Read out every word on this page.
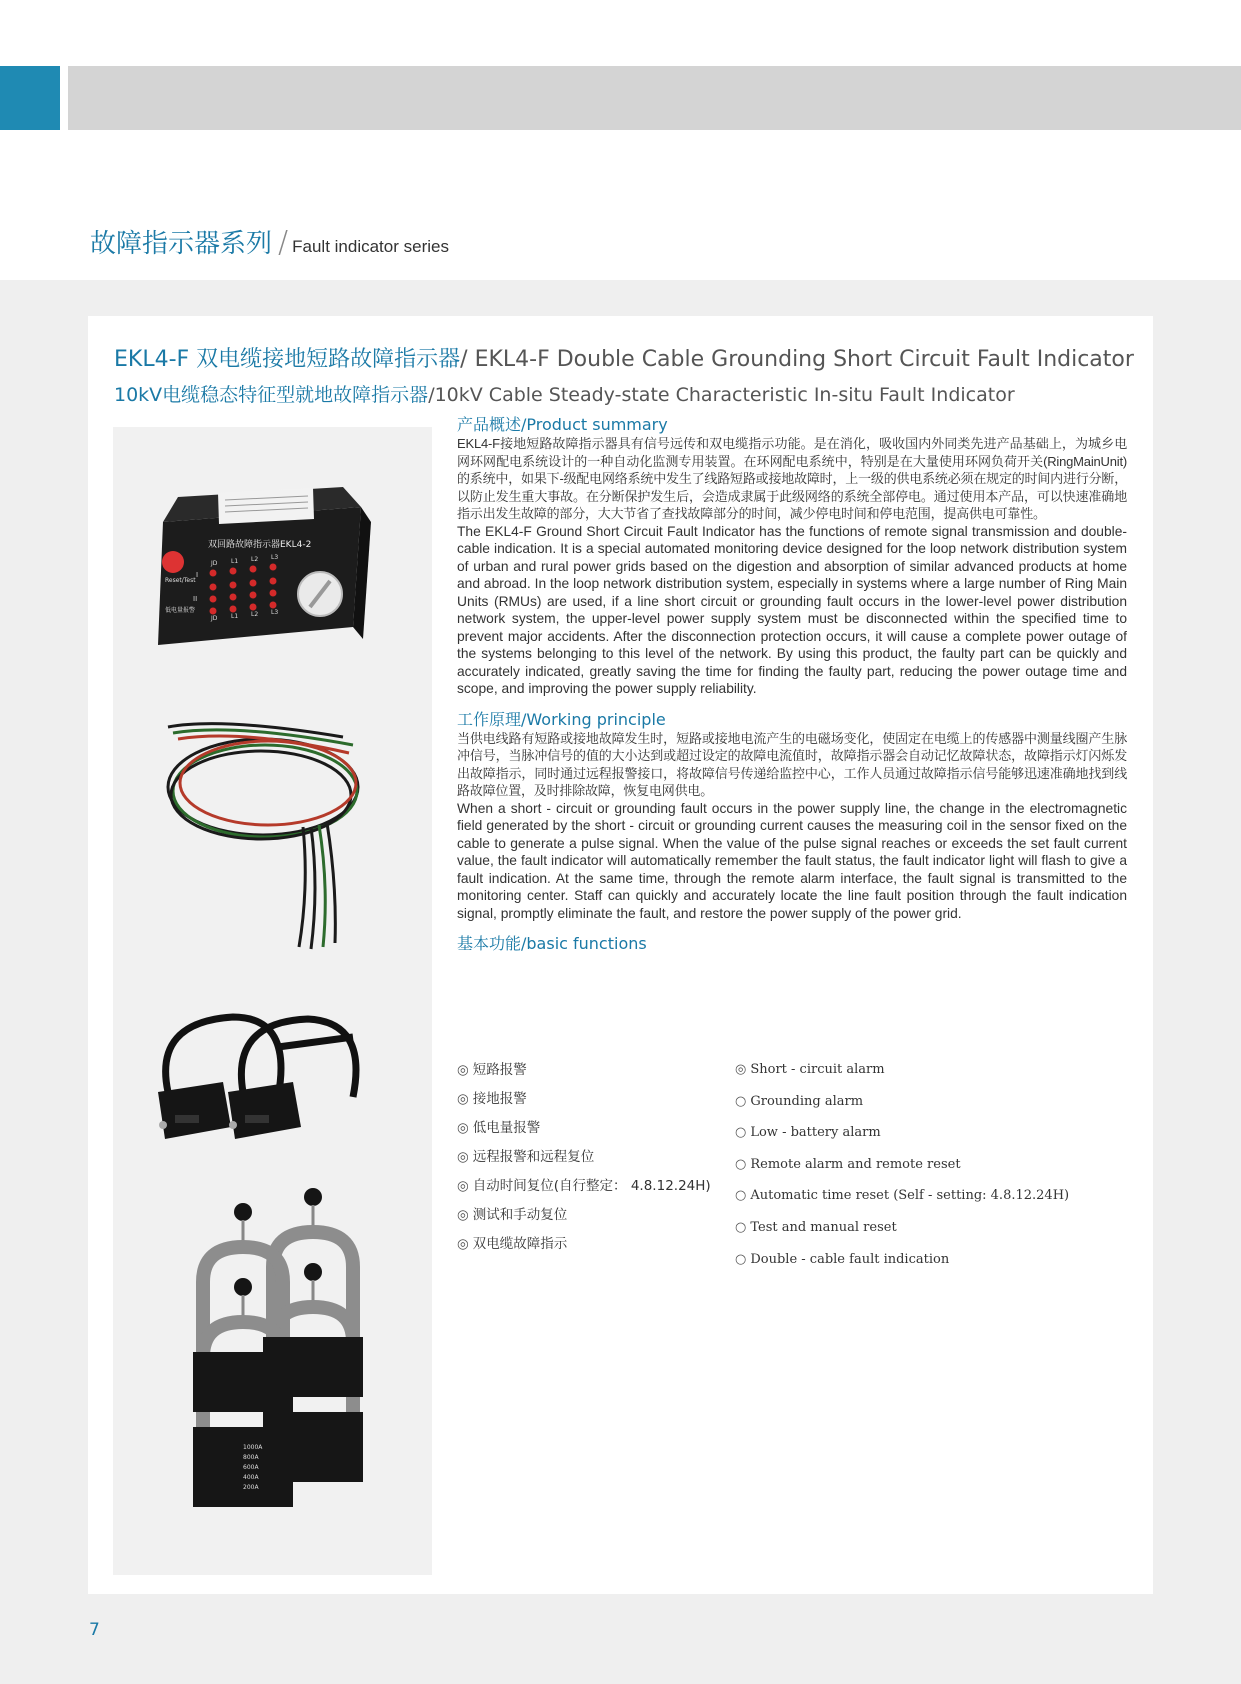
故障指示器系列 / Fault indicator series
EKL4-F 双电缆接地短路故障指示器/ EKL4-F Double Cable Grounding Short Circuit Fault Indicator
10kV电缆稳态特征型就地故障指示器/10kV Cable Steady-state Characteristic In-situ Fault Indicator
双回路故障指示器EKL4-2
Reset/Test
低电量报警
I
II
JD L1 L2 L3
JD L1 L2 L3
1000A
800A
600A
400A
200A
产品概述/Product summary

EKL4-F接地短路故障指示器具有信号远传和双电缆指示功能。是在消化，吸收国内外同类先进产品基础上，为城乡电网环网配电系统设计的一种自动化监测专用装置。在环网配电系统中，特别是在大量使用环网负荷开关(RingMainUnit)的系统中，如果下-级配电网络系统中发生了线路短路或接地故障时，上一级的供电系统必须在规定的时间内进行分断，以防止发生重大事故。在分断保护发生后，会造成隶属于此级网络的系统全部停电。通过使用本产品，可以快速准确地指示出发生故障的部分，大大节省了查找故障部分的时间，减少停电时间和停电范围，提高供电可靠性。

The EKL4-F Ground Short Circuit Fault Indicator has the functions of remote signal transmission and double-cable indication. It is a special automated monitoring device designed for the loop network distribution system of urban and rural power grids based on the digestion and absorption of similar advanced products at home and abroad. In the loop network distribution system, especially in systems where a large number of Ring Main Units (RMUs) are used, if a line short circuit or grounding fault occurs in the lower-level power distribution network system, the upper-level power supply system must be disconnected within the specified time to prevent major accidents. After the disconnection protection occurs, it will cause a complete power outage of the systems belonging to this level of the network. By using this product, the faulty part can be quickly and accurately indicated, greatly saving the time for finding the faulty part, reducing the power outage time and scope, and improving the power supply reliability.

工作原理/Working principle

当供电线路有短路或接地故障发生时，短路或接地电流产生的电磁场变化，使固定在电缆上的传感器中测量线圈产生脉冲信号，当脉冲信号的值的大小达到或超过设定的故障电流值时，故障指示器会自动记忆故障状态，故障指示灯闪烁发出故障指示，同时通过远程报警接口，将故障信号传递给监控中心，工作人员通过故障指示信号能够迅速准确地找到线路故障位置，及时排除故障，恢复电网供电。

When a short - circuit or grounding fault occurs in the power supply line, the change in the electromagnetic field generated by the short - circuit or grounding current causes the measuring coil in the sensor fixed on the cable to generate a pulse signal. When the value of the pulse signal reaches or exceeds the set fault current value, the fault indicator will automatically remember the fault status, the fault indicator light will flash to give a fault indication. At the same time, through the remote alarm interface, the fault signal is transmitted to the monitoring center. Staff can quickly and accurately locate the line fault position through the fault indication signal, promptly eliminate the fault, and restore the power supply of the power grid.

基本功能/basic functions
◎ 短路报警
◎ 接地报警
◎ 低电量报警
◎ 远程报警和远程复位
◎ 自动时间复位(自行整定： 4.8.12.24H)
◎ 测试和手动复位
◎ 双电缆故障指示
◎ Short - circuit alarm
○ Grounding alarm
○ Low - battery alarm
○ Remote alarm and remote reset
○ Automatic time reset (Self - setting: 4.8.12.24H)
○ Test and manual reset
○ Double - cable fault indication
7
